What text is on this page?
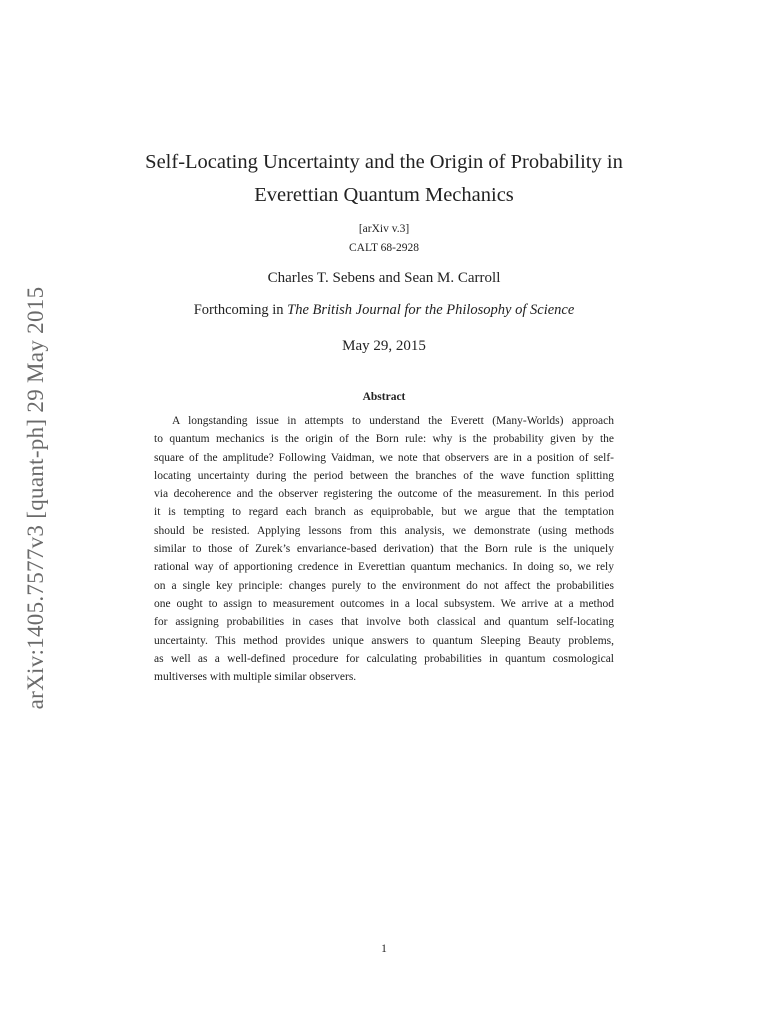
arXiv:1405.7577v3 [quant-ph] 29 May 2015
Self-Locating Uncertainty and the Origin of Probability in
Everettian Quantum Mechanics
[arXiv v.3]
CALT 68-2928
Charles T. Sebens and Sean M. Carroll
Forthcoming in The British Journal for the Philosophy of Science
May 29, 2015
Abstract
A longstanding issue in attempts to understand the Everett (Many-Worlds) approach
to quantum mechanics is the origin of the Born rule: why is the probability given by the
square of the amplitude? Following Vaidman, we note that observers are in a position of self-
locating uncertainty during the period between the branches of the wave function splitting
via decoherence and the observer registering the outcome of the measurement. In this period
it is tempting to regard each branch as equiprobable, but we argue that the temptation
should be resisted. Applying lessons from this analysis, we demonstrate (using methods
similar to those of Zurek’s envariance-based derivation) that the Born rule is the uniquely
rational way of apportioning credence in Everettian quantum mechanics. In doing so, we rely
on a single key principle: changes purely to the environment do not affect the probabilities
one ought to assign to measurement outcomes in a local subsystem. We arrive at a method
for assigning probabilities in cases that involve both classical and quantum self-locating
uncertainty. This method provides unique answers to quantum Sleeping Beauty problems,
as well as a well-defined procedure for calculating probabilities in quantum cosmological
multiverses with multiple similar observers.
1
